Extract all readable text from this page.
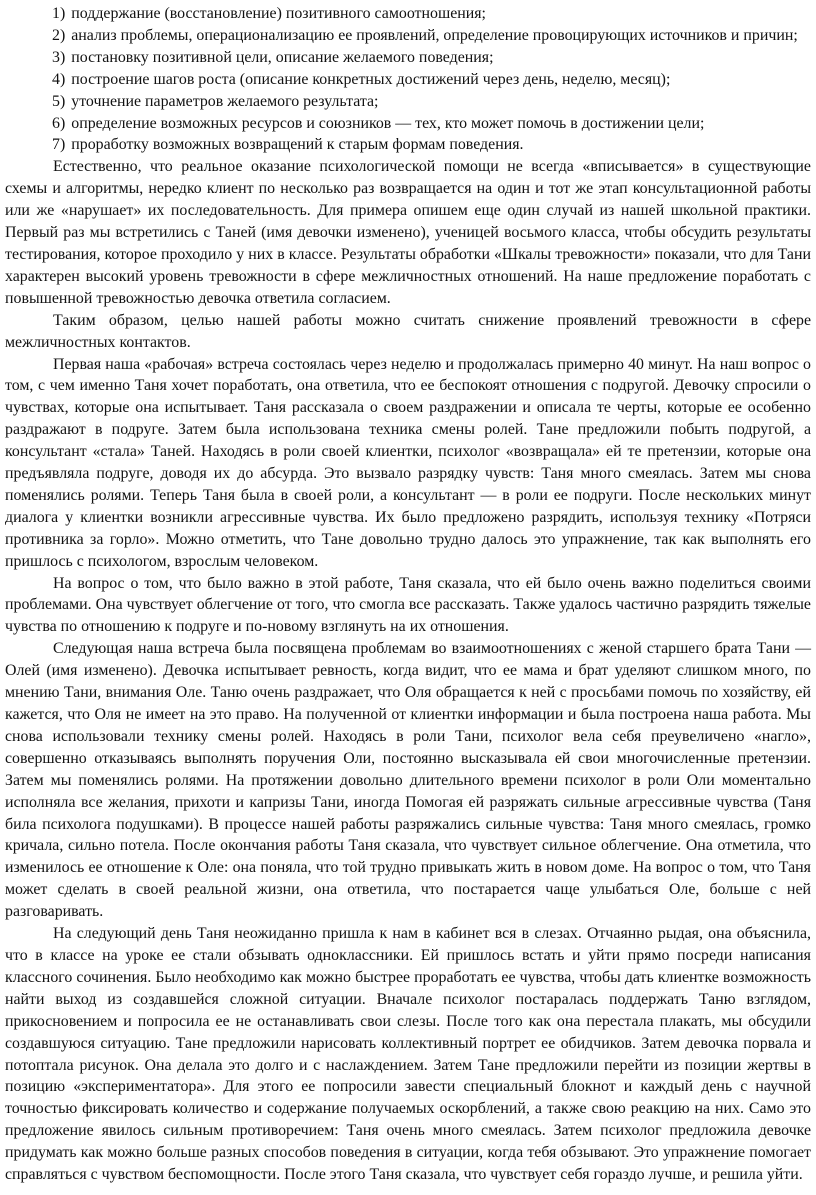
1) поддержание (восстановление) позитивного самоотношения;
2) анализ проблемы, операционализацию ее проявлений, определение провоцирующих источников и причин;
3) постановку позитивной цели, описание желаемого поведения;
4) построение шагов роста (описание конкретных достижений через день, неделю, месяц);
5) уточнение параметров желаемого результата;
6) определение возможных ресурсов и союзников — тех, кто может помочь в достижении цели;
7) проработку возможных возвращений к старым формам поведения.

Естественно, что реальное оказание психологической помощи не всегда «вписывается» в существующие схемы и алгоритмы, нередко клиент по несколько раз возвращается на один и тот же этап консультационной работы или же «нарушает» их последовательность. Для примера опишем еще один случай из нашей школьной практики. Первый раз мы встретились с Таней (имя девочки изменено), ученицей восьмого класса, чтобы обсудить результаты тестирования, которое проходило у них в классе. Результаты обработки «Шкалы тревожности» показали, что для Тани характерен высокий уровень тревожности в сфере межличностных отношений. На наше предложение поработать с повышенной тревожностью девочка ответила согласием.

Таким образом, целью нашей работы можно считать снижение проявлений тревожности в сфере межличностных контактов.

Первая наша «рабочая» встреча состоялась через неделю и продолжалась примерно 40 минут. На наш вопрос о том, с чем именно Таня хочет поработать, она ответила, что ее беспокоят отношения с подругой. Девочку спросили о чувствах, которые она испытывает. Таня рассказала о своем раздражении и описала те черты, которые ее особенно раздражают в подруге. Затем была использована техника смены ролей. Тане предложили побыть подругой, а консультант «стала» Таней. Находясь в роли своей клиентки, психолог «возвращала» ей те претензии, которые она предъявляла подруге, доводя их до абсурда. Это вызвало разрядку чувств: Таня много смеялась. Затем мы снова поменялись ролями. Теперь Таня была в своей роли, а консультант — в роли ее подруги. После нескольких минут диалога у клиентки возникли агрессивные чувства. Их было предложено разрядить, используя технику «Потряси противника за горло». Можно отметить, что Тане довольно трудно далось это упражнение, так как выполнять его пришлось с психологом, взрослым человеком.

На вопрос о том, что было важно в этой работе, Таня сказала, что ей было очень важно поделиться своими проблемами. Она чувствует облегчение от того, что смогла все рассказать. Также удалось частично разрядить тяжелые чувства по отношению к подруге и по-новому взглянуть на их отношения.

Следующая наша встреча была посвящена проблемам во взаимоотношениях с женой старшего брата Тани — Олей (имя изменено). Девочка испытывает ревность, когда видит, что ее мама и брат уделяют слишком много, по мнению Тани, внимания Оле. Таню очень раздражает, что Оля обращается к ней с просьбами помочь по хозяйству, ей кажется, что Оля не имеет на это право. На полученной от клиентки информации и была построена наша работа. Мы снова использовали технику смены ролей. Находясь в роли Тани, психолог вела себя преувеличено «нагло», совершенно отказываясь выполнять поручения Оли, постоянно высказывала ей свои многочисленные претензии. Затем мы поменялись ролями. На протяжении довольно длительного времени психолог в роли Оли моментально исполняла все желания, прихоти и капризы Тани, иногда Помогая ей разряжать сильные агрессивные чувства (Таня била психолога подушками). В процессе нашей работы разряжались сильные чувства: Таня много смеялась, громко кричала, сильно потела. После окончания работы Таня сказала, что чувствует сильное облегчение. Она отметила, что изменилось ее отношение к Оле: она поняла, что той трудно привыкать жить в новом доме. На вопрос о том, что Таня может сделать в своей реальной жизни, она ответила, что постарается чаще улыбаться Оле, больше с ней разговаривать.

На следующий день Таня неожиданно пришла к нам в кабинет вся в слезах. Отчаянно рыдая, она объяснила, что в классе на уроке ее стали обзывать одноклассники. Ей пришлось встать и уйти прямо посреди написания классного сочинения. Было необходимо как можно быстрее проработать ее чувства, чтобы дать клиентке возможность найти выход из создавшейся сложной ситуации. Вначале психолог постаралась поддержать Таню взглядом, прикосновением и попросила ее не останавливать свои слезы. После того как она перестала плакать, мы обсудили создавшуюся ситуацию. Тане предложили нарисовать коллективный портрет ее обидчиков. Затем девочка порвала и потоптала рисунок. Она делала это долго и с наслаждением. Затем Тане предложили перейти из позиции жертвы в позицию «экспериментатора». Для этого ее попросили завести специальный блокнот и каждый день с научной точностью фиксировать количество и содержание получаемых оскорблений, а также свою реакцию на них. Само это предложение явилось сильным противоречием: Таня очень много смеялась. Затем психолог предложила девочке придумать как можно больше разных способов поведения в ситуации, когда тебя обзывают. Это упражнение помогает справляться с чувством беспомощности. После этого Таня сказала, что чувствует себя гораздо лучше, и решила уйти.
